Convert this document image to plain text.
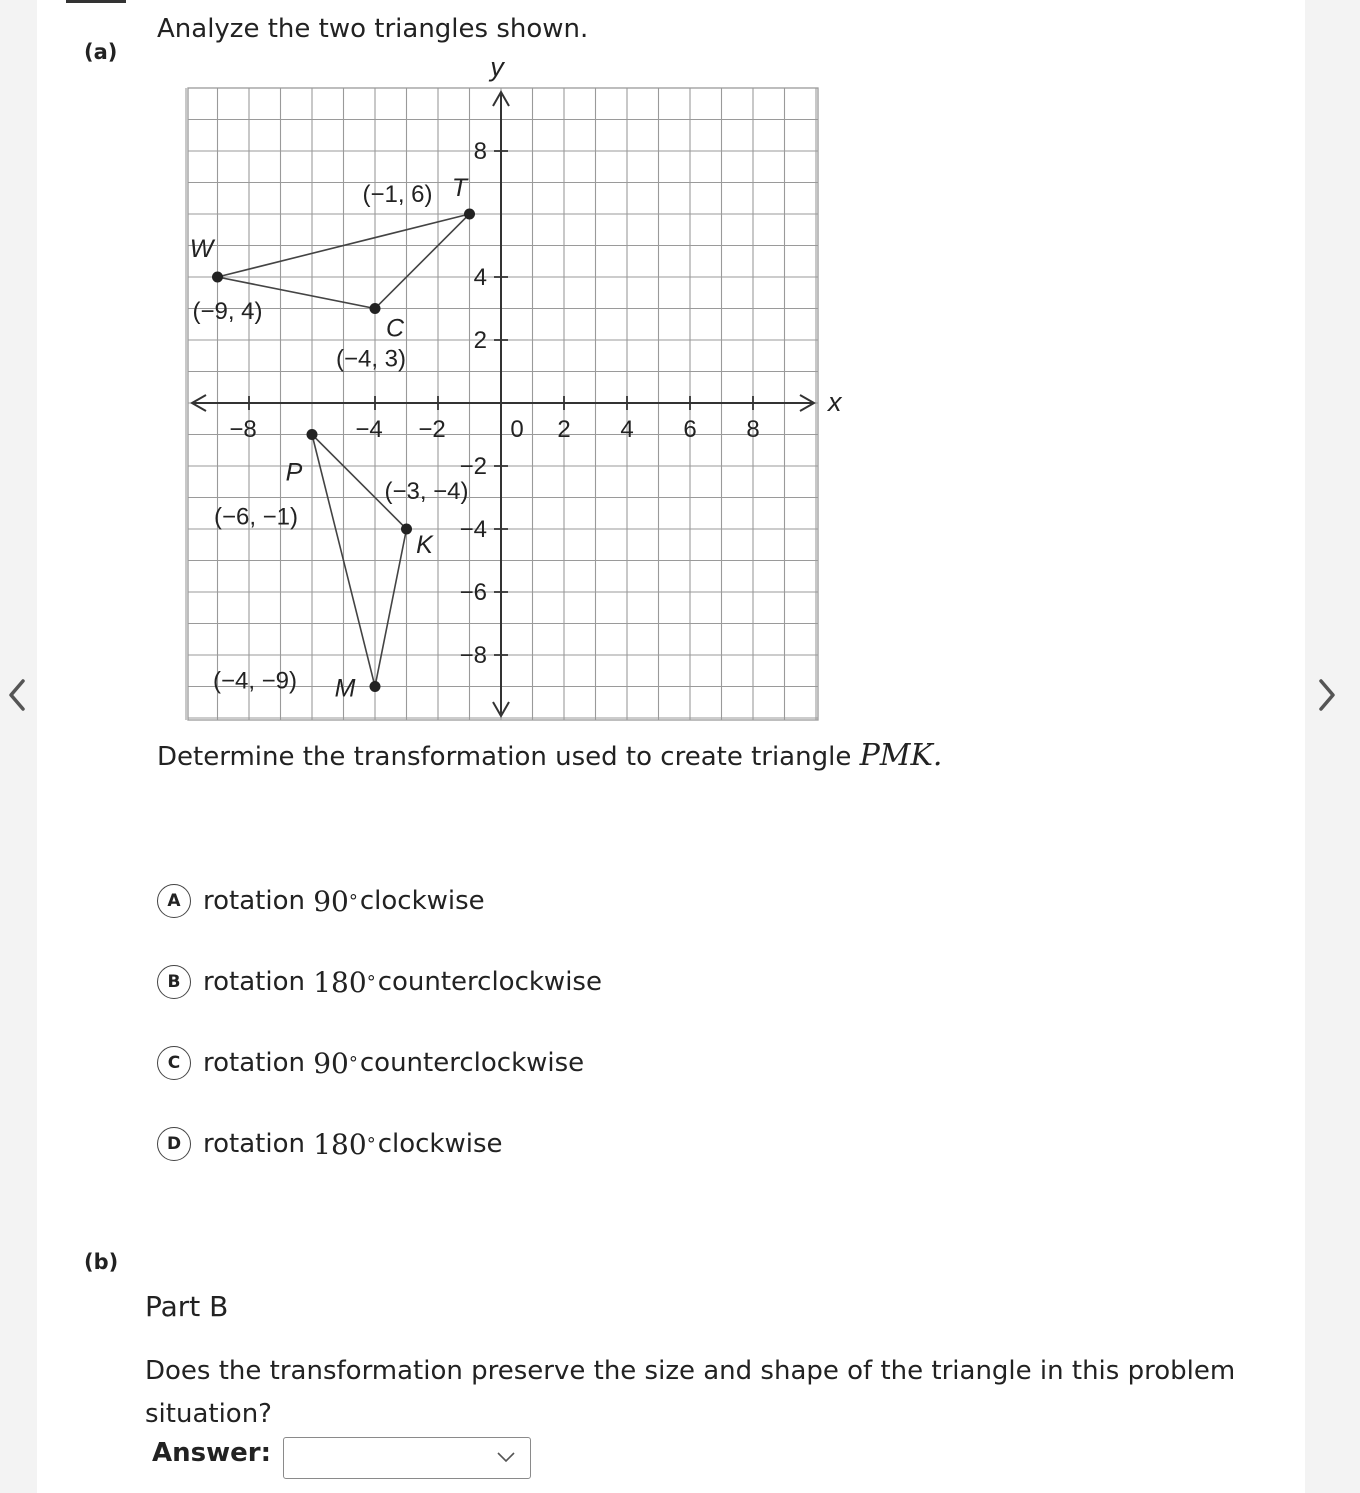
(a)
Analyze the two triangles shown.
x
y
−8	−4 −2	0 2 4 6 8
8
4
2
−2
−4
−6
−8
T
(−1, 6)
W
(−9, 4)
C
(−4, 3)
P
(−6, −1)
M
(−4, −9)
K
(−3, −4)
Determine the transformation used to create triangle PMK.
A rotation
90 ° clockwise
B rotation
180 ° counterclockwise
C rotation
90 ° counterclockwise
D rotation
180 ° clockwise
(b)
Part B
Does the transformation preserve the size and shape of the triangle in this problem situation?
Answer:
